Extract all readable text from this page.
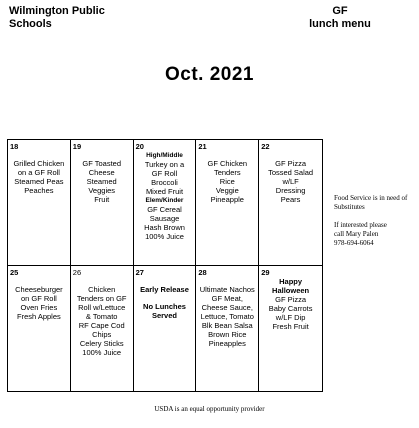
Wilmington Public
Schools
GF
lunch menu
Oct. 2021
18
Grilled Chicken
on a GF Roll
Steamed Peas
Peaches
19
GF Toasted
Cheese
Steamed
Veggies
Fruit
20
High/Middle
Turkey on a
GF Roll
Broccoli
Mixed Fruit
Elem/Kinder
GF Cereal
Sausage
Hash Brown
100% Juice
21
GF Chicken
Tenders
Rice
Veggie
Pineapple
22
GF Pizza
Tossed Salad
w/LF
Dressing
Pears
25
Cheeseburger
on GF Roll
Oven Fries
Fresh Apples
26
Chicken
Tenders on GF
Roll w/Lettuce
& Tomato
RF Cape Cod
Chips
Celery Sticks
100% Juice
27
Early Release
No Lunches
Served
28
Ultimate Nachos
GF Meat,
Cheese Sauce,
Lettuce, Tomato
Blk Bean Salsa
Brown Rice
Pineapples
29
Happy
Halloween
GF Pizza
Baby Carrots
w/LF Dip
Fresh Fruit

Food Service is in need of Substitutes

If interested please
call Mary Palen
978-694-6064

USDA is an equal opportunity provider
